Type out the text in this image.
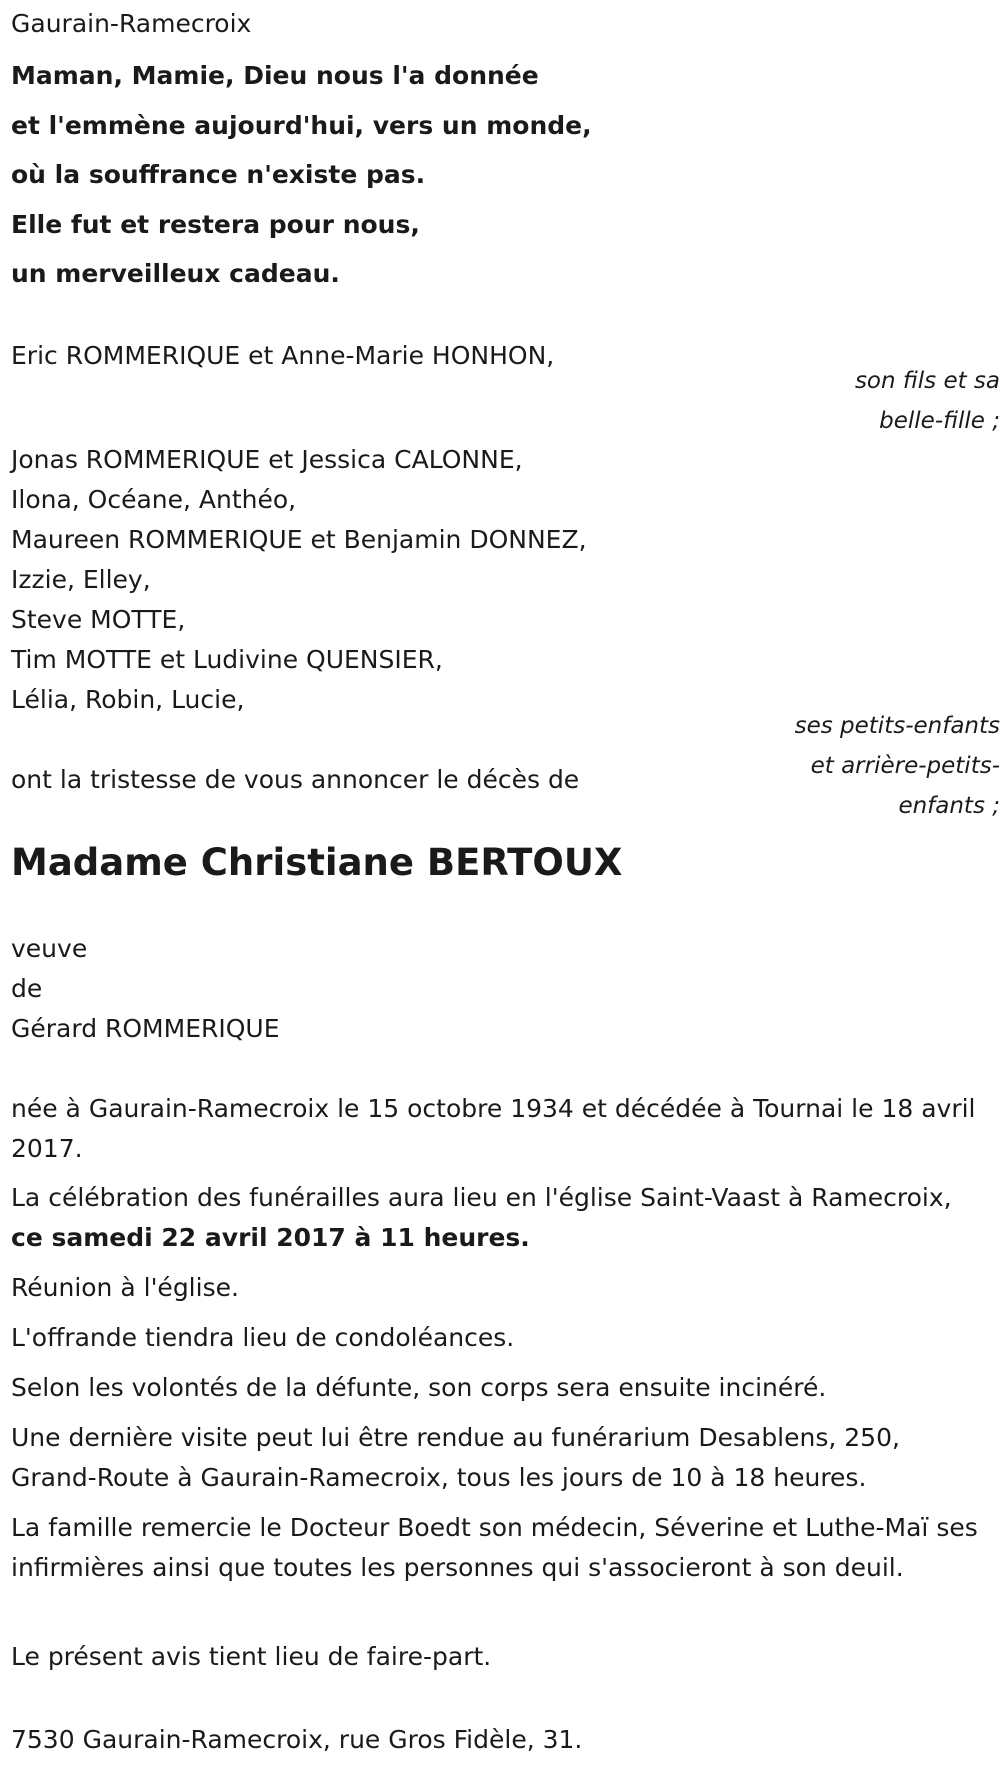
Gaurain-Ramecroix
Maman, Mamie, Dieu nous l'a donnée
et l'emmène aujourd'hui, vers un monde,
où la souffrance n'existe pas.
Elle fut et restera pour nous,
un merveilleux cadeau.
Eric ROMMERIQUE et Anne-Marie HONHON,
son fils et sa
belle-fille ;
Jonas ROMMERIQUE et Jessica CALONNE,
Ilona, Océane, Anthéo,
Maureen ROMMERIQUE et Benjamin DONNEZ,
Izzie, Elley,
Steve MOTTE,
Tim MOTTE et Ludivine QUENSIER,
Lélia, Robin, Lucie,
ses petits-enfants
et arrière-petits-
enfants ;
ont la tristesse de vous annoncer le décès de
Madame Christiane BERTOUX
veuve
de
Gérard ROMMERIQUE
née à Gaurain-Ramecroix le 15 octobre 1934 et décédée à Tournai le 18 avril 2017.
La célébration des funérailles aura lieu en l'église Saint-Vaast à Ramecroix, ce samedi 22 avril 2017 à 11 heures.
Réunion à l'église.
L'offrande tiendra lieu de condoléances.
Selon les volontés de la défunte, son corps sera ensuite incinéré.
Une dernière visite peut lui être rendue au funérarium Desablens, 250, Grand-Route à Gaurain-Ramecroix, tous les jours de 10 à 18 heures.
La famille remercie le Docteur Boedt son médecin, Séverine et Luthe-Maï ses infirmières ainsi que toutes les personnes qui s'associeront à son deuil.
Le présent avis tient lieu de faire-part.
7530 Gaurain-Ramecroix, rue Gros Fidèle, 31.
